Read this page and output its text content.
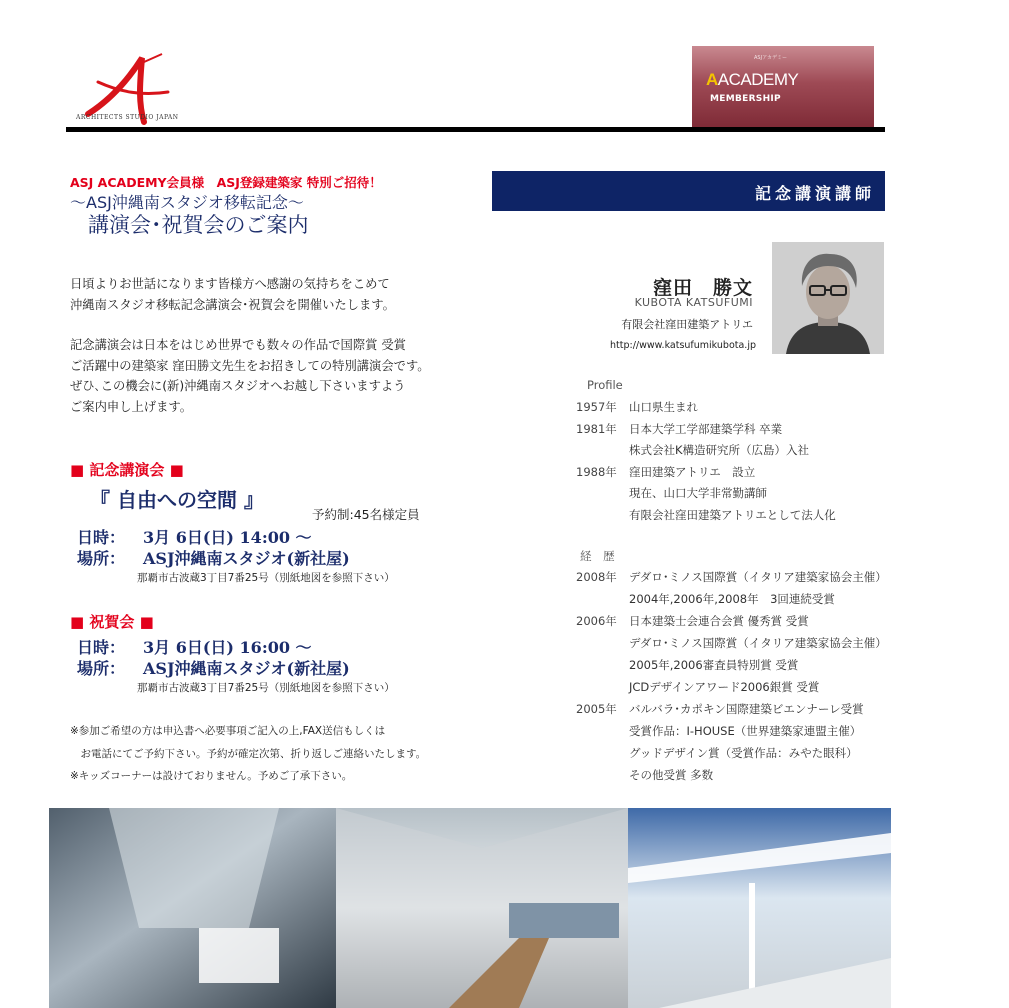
ARCHITECTS STUDIO JAPAN
ASJアカデミー
AACADEMY
MEMBERSHIP
ASJ ACADEMY会員様　ASJ登録建築家 特別ご招待！
～ASJ沖縄南スタジオ移転記念～
講演会･祝賀会のご案内
日頃よりお世話になります皆様方へ感謝の気持ちをこめて
沖縄南スタジオ移転記念講演会･祝賀会を開催いたします。
記念講演会は日本をはじめ世界でも数々の作品で国際賞 受賞
ご活躍中の建築家 窪田勝文先生をお招きしての特別講演会です。
ぜひ､この機会に(新)沖縄南スタジオへお越し下さいますよう
ご案内申し上げます。
■ 記念講演会 ■
『 自由への空間 』
予約制:45名様定員
日時： 3月 6日(日) 14:00 ～
場所： ASJ沖縄南スタジオ(新社屋)
那覇市古波蔵3丁目7番25号（別紙地図を参照下さい）
■ 祝賀会 ■
日時： 3月 6日(日) 16:00 ～
場所： ASJ沖縄南スタジオ(新社屋)
那覇市古波蔵3丁目7番25号（別紙地図を参照下さい）
※参加ご希望の方は申込書へ必要事項ご記入の上,FAX送信もしくは
　お電話にてご予約下さい。予約が確定次第、折り返しご連絡いたします。
※キッズコーナーは設けておりません。予めご了承下さい。
記念講演講師
窪田　勝文
KUBOTA KATSUFUMI
有限会社窪田建築アトリエ
http://www.katsufumikubota.jp
Profile
1957年 山口県生まれ
1981年 日本大学工学部建築学科 卒業
株式会社K構造研究所（広島）入社
1988年 窪田建築アトリエ　設立
現在、山口大学非常勤講師
有限会社窪田建築アトリエとして法人化
経 歴
2008年 デダロ･ミノス国際賞（イタリア建築家協会主催）
2004年,2006年,2008年　3回連続受賞
2006年 日本建築士会連合会賞 優秀賞 受賞
デダロ･ミノス国際賞（イタリア建築家協会主催）
2005年,2006審査員特別賞 受賞
JCDデザインアワード2006銀賞 受賞
2005年 バルバラ･カポキン国際建築ビエンナーレ受賞
受賞作品：I-HOUSE（世界建築家連盟主催）
グッドデザイン賞（受賞作品：みやた眼科）
その他受賞 多数
